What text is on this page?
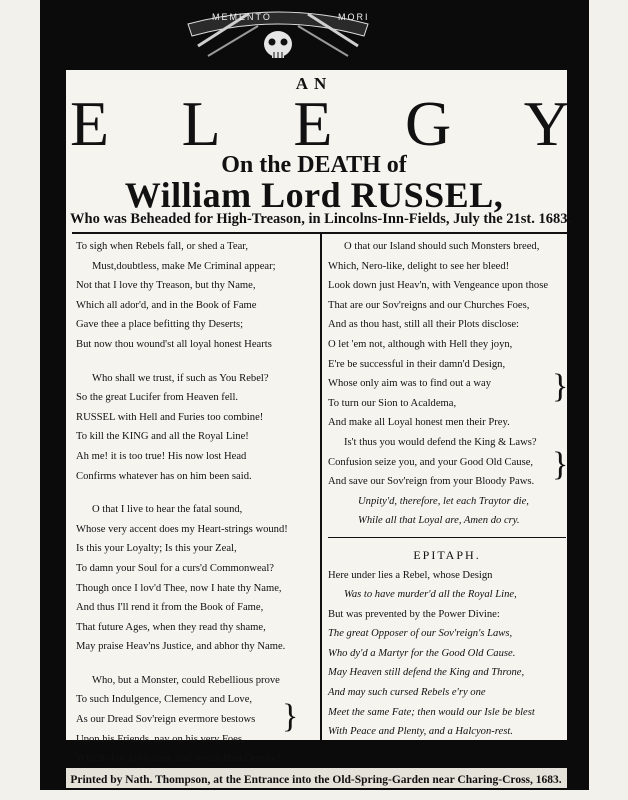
MEMENTO	MORI
AN
E L E G Y
On the DEATH of
William Lord RUSSEL,
Who was Beheaded for High-Treason, in Lincolns-Inn-Fields, July the 21st. 1683.
To sigh when Rebels fall, or shed a Tear,
Must,doubtless, make Me Criminal appear;
Not that I love thy Treason, but thy Name,
Which all ador'd, and in the Book of Fame
Gave thee a place befitting thy Deserts;
But now thou wound'st all loyal honest Hearts
Who shall we trust, if such as You Rebel?
So the great Lucifer from Heaven fell.
RUSSEL with Hell and Furies too combine!
To kill the KING and all the Royal Line!
Ah me! it is too true! His now lost Head
Confirms whatever has on him been said.
O that I live to hear the fatal sound,
Whose very accent does my Heart-strings wound!
Is this your Loyalty; Is this your Zeal,
To damn your Soul for a curs'd Commonweal?
Though once I lov'd Thee, now I hate thy Name,
And thus I'll rend it from the Book of Fame,
That future Ages, when they read thy shame,
May praise Heav'ns Justice, and abhor thy Name.
Who, but a Monster, could Rebellious prove
To such Indulgence, Clemency and Love,
As our Dread Sov'reign evermore bestows
Upon his Friends, nay on his very Foes,
Which slew his Father, and would Him Depose?
}
O that our Island should such Monsters breed,
Which, Nero-like, delight to see her bleed!
Look down just Heav'n, with Vengeance upon those
That are our Sov'reigns and our Churches Foes,
And as thou hast, still all their Plots disclose:
O let 'em not, although with Hell they joyn,
E're be successful in their damn'd Design,
Whose only aim was to find out a way
To turn our Sion to Acaldema,
And make all Loyal honest men their Prey.
Is't thus you would defend the King & Laws?
Confusion seize you, and your Good Old Cause,
And save our Sov'reign from your Bloody Paws.
Unpity'd, therefore, let each Traytor die,
While all that Loyal are, Amen do cry.
EPITAPH.
Here under lies a Rebel, whose Design
Was to have murder'd all the Royal Line,
But was prevented by the Power Divine:
The great Opposer of our Sov'reign's Laws,
Who dy'd a Martyr for the Good Old Cause.
May Heaven still defend the King and Throne,
And may such cursed Rebels e'ry one
Meet the same Fate; then would our Isle be blest
With Peace and Plenty, and a Halcyon-rest.
}
}
Printed by Nath. Thompson, at the Entrance into the Old-Spring-Garden near Charing-Cross, 1683.
